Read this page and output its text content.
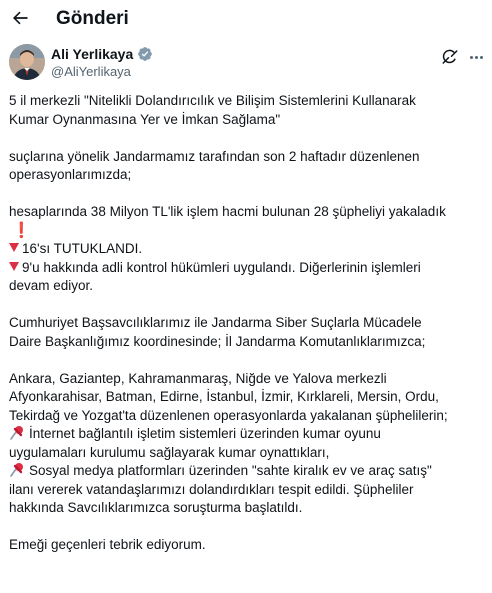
Gönderi
Ali Yerlikaya
@AliYerlikaya

5 il merkezli "Nitelikli Dolandırıcılık ve Bilişim Sistemlerini Kullanarak

Kumar Oynanmasına Yer ve İmkan Sağlama"

suçlarına yönelik Jandarmamız tarafından son 2 haftadır düzenlenen

operasyonlarımızda;

hesaplarında 38 Milyon TL'lik işlem hacmi bulunan 28 şüpheliyi yakaladık

❗

16'sı TUTUKLANDI.

9'u hakkında adli kontrol hükümleri uygulandı. Diğerlerinin işlemleri

devam ediyor.

Cumhuriyet Başsavcılıklarımız ile Jandarma Siber Suçlarla Mücadele

Daire Başkanlığımız koordinesinde; İl Jandarma Komutanlıklarımızca;

Ankara, Gaziantep, Kahramanmaraş, Niğde ve Yalova merkezli

Afyonkarahisar, Batman, Edirne, İstanbul, İzmir, Kırklareli, Mersin, Ordu,

Tekirdağ ve Yozgat'ta düzenlenen operasyonlarda yakalanan şüphelilerin;

İnternet bağlantılı işletim sistemleri üzerinden kumar oyunu

uygulamaları kurulumu sağlayarak kumar oynattıkları,

Sosyal medya platformları üzerinden "sahte kiralık ev ve araç satış"

ilanı vererek vatandaşlarımızı dolandırdıkları tespit edildi. Şüpheliler

hakkında Savcılıklarımızca soruşturma başlatıldı.

Emeği geçenleri tebrik ediyorum.
